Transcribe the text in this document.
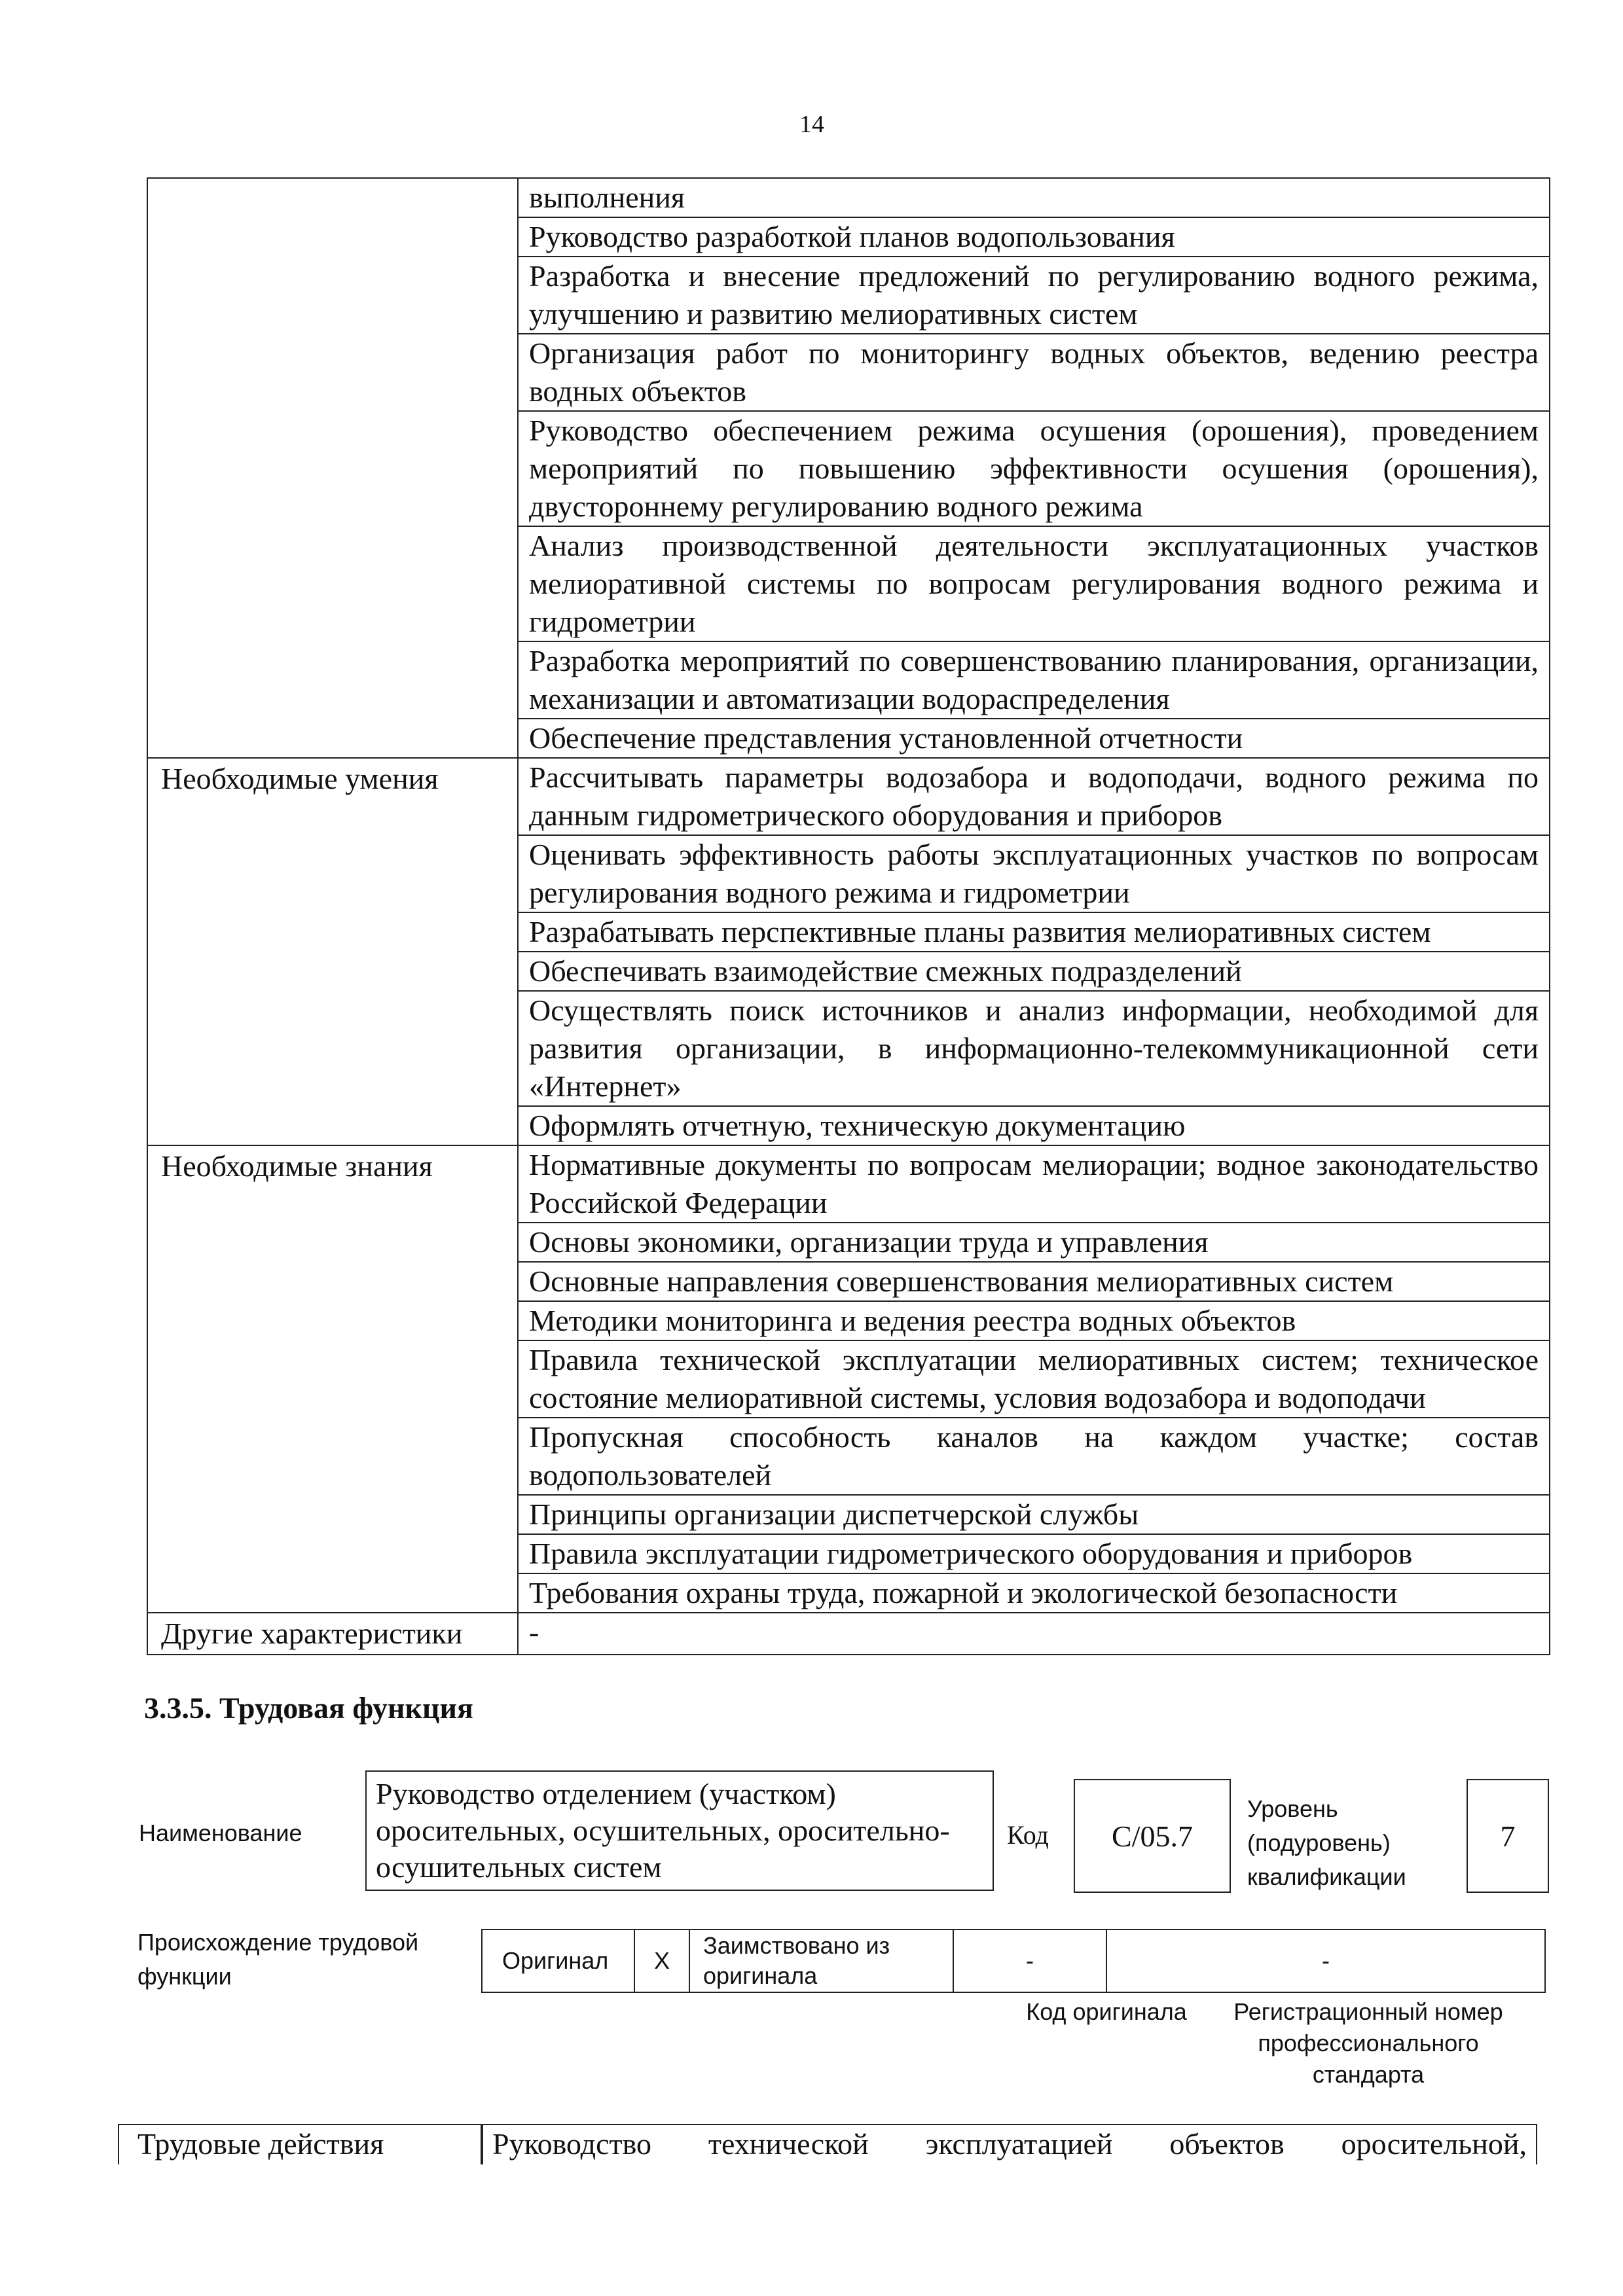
14
	выполнения
	Руководство разработкой планов водопользования
	Разработка и внесение предложений по регулированию водного режима, улучшению и развитию мелиоративных систем
	Организация работ по мониторингу водных объектов, ведению реестра водных объектов
	Руководство обеспечением режима осушения (орошения), проведением мероприятий по повышению эффективности осушения (орошения), двустороннему регулированию водного режима
	Анализ производственной деятельности эксплуатационных участков мелиоративной системы по вопросам регулирования водного режима и гидрометрии
	Разработка мероприятий по совершенствованию планирования, организации, механизации и автоматизации водораспределения
	Обеспечение представления установленной отчетности
Необходимые умения	Рассчитывать параметры водозабора и водоподачи, водного режима по данным гидрометрического оборудования и приборов
	Оценивать эффективность работы эксплуатационных участков по вопросам регулирования водного режима и гидрометрии
	Разрабатывать перспективные планы развития мелиоративных систем
	Обеспечивать взаимодействие смежных подразделений
	Осуществлять поиск источников и анализ информации, необходимой для развития организации, в информационно-телекоммуникационной сети «Интернет»
	Оформлять отчетную, техническую документацию
Необходимые знания	Нормативные документы по вопросам мелиорации; водное законодательство Российской Федерации
	Основы экономики, организации труда и управления
	Основные направления совершенствования мелиоративных систем
	Методики мониторинга и ведения реестра водных объектов
	Правила технической эксплуатации мелиоративных систем; техническое состояние мелиоративной системы, условия водозабора и водоподачи
	Пропускная способность каналов на каждом участке; состав водопользователей
	Принципы организации диспетчерской службы
	Правила эксплуатации гидрометрического оборудования и приборов
	Требования охраны труда, пожарной и экологической безопасности
Другие характеристики	-
3.3.5. Трудовая функция
Наименование
Руководство отделением (участком) оросительных, осушительных, оросительно-осушительных систем
Код	C/05.7
Уровень (подуровень) квалификации
7
Происхождение трудовой функции
Оригинал	X	Заимствовано из оригинала	-	-
Код оригинала	Регистрационный номер профессионального стандарта
Трудовые действия	Руководство технической эксплуатацией объектов оросительной,
